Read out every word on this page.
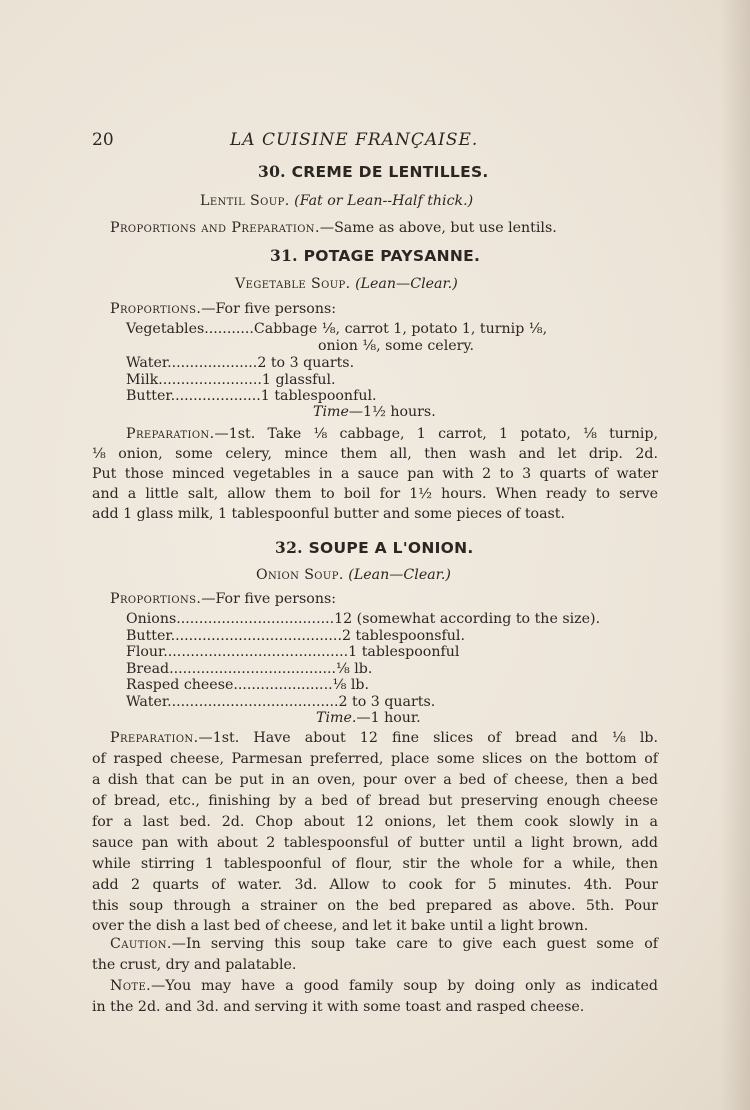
20	LA CUISINE FRANÇAISE.
30. CREME DE LENTILLES.
Lentil Soup. (Fat or Lean--Half thick.)
Proportions and Preparation.—Same as above, but use lentils.
31. POTAGE PAYSANNE.
Vegetable Soup. (Lean—Clear.)
Proportions.—For five persons:
Vegetables...........Cabbage ⅛, carrot 1, potato 1, turnip ⅛,
onion ⅛, some celery.
Water....................2 to 3 quarts.
Milk.......................1 glassful.
Butter....................1 tablespoonful.
Time—1½ hours.
Preparation.—1st. Take ⅛ cabbage, 1 carrot, 1 potato, ⅛ turnip,
⅛ onion, some celery, mince them all, then wash and let drip. 2d.
Put those minced vegetables in a sauce pan with 2 to 3 quarts of water
and a little salt, allow them to boil for 1½ hours. When ready to serve
add 1 glass milk, 1 tablespoonful butter and some pieces of toast.
32. SOUPE A L'ONION.
Onion Soup. (Lean—Clear.)
Proportions.—For five persons:
Onions...................................12 (somewhat according to the size).
Butter......................................2 tablespoonsful.
Flour.........................................1 tablespoonful
Bread.....................................⅛ lb.
Rasped cheese......................⅛ lb.
Water......................................2 to 3 quarts.
Time.—1 hour.
Preparation.—1st. Have about 12 fine slices of bread and ⅛ lb.
of rasped cheese, Parmesan preferred, place some slices on the bottom of
a dish that can be put in an oven, pour over a bed of cheese, then a bed
of bread, etc., finishing by a bed of bread but preserving enough cheese
for a last bed. 2d. Chop about 12 onions, let them cook slowly in a
sauce pan with about 2 tablespoonsful of butter until a light brown, add
while stirring 1 tablespoonful of flour, stir the whole for a while, then
add 2 quarts of water. 3d. Allow to cook for 5 minutes. 4th. Pour
this soup through a strainer on the bed prepared as above. 5th. Pour
over the dish a last bed of cheese, and let it bake until a light brown.
Caution.—In serving this soup take care to give each guest some of
the crust, dry and palatable.
Note.—You may have a good family soup by doing only as indicated
in the 2d. and 3d. and serving it with some toast and rasped cheese.
